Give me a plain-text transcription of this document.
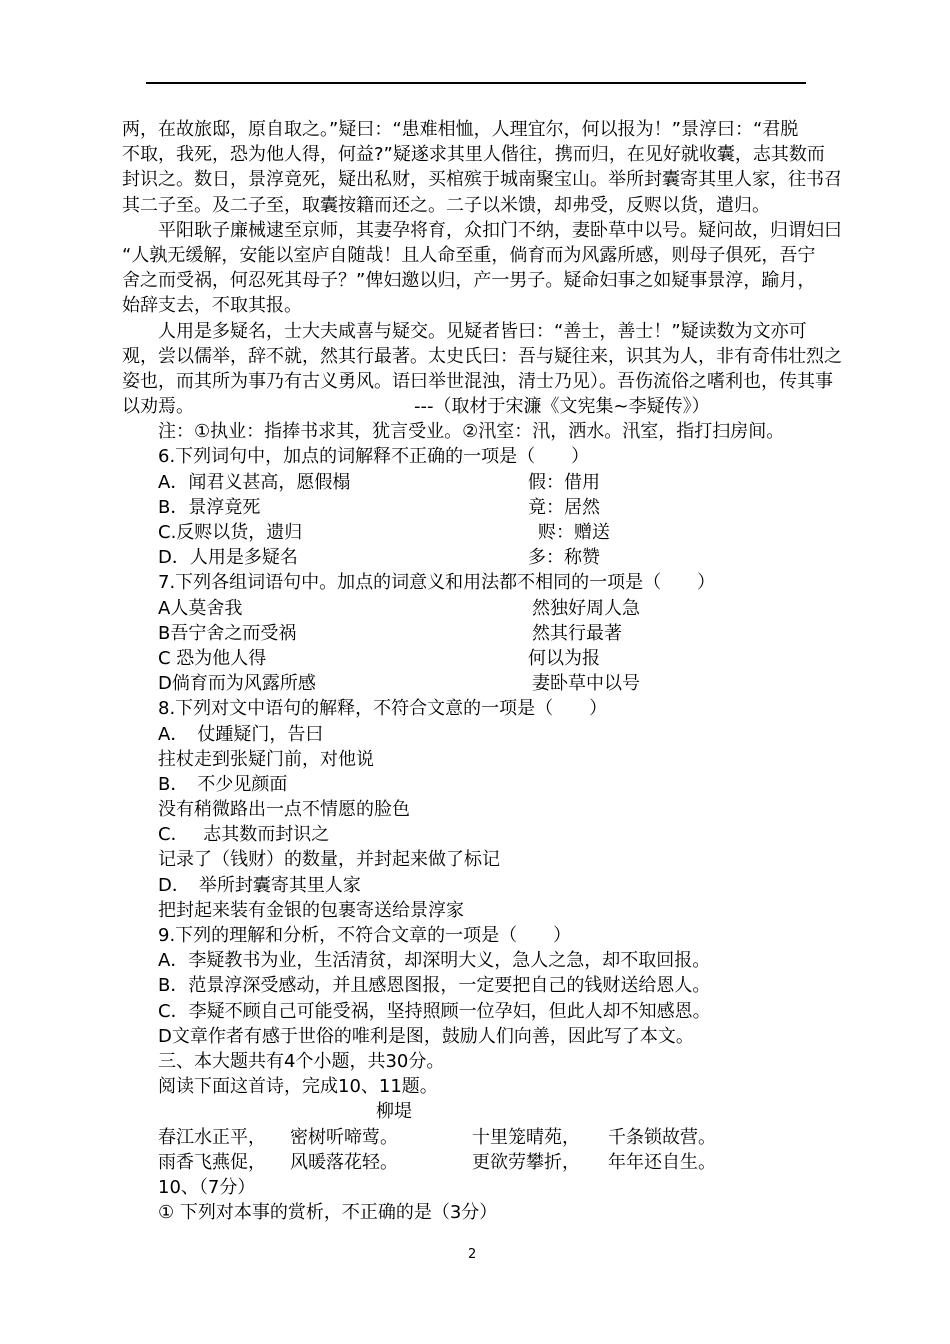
两，在故旅邸，原自取之。”疑曰：“患难相恤，人理宜尔，何以报为！”景淳曰：“君脱
不取，我死，恐为他人得，何益?”疑遂求其里人偕往，携而归，在见好就收囊，志其数而
封识之。数日，景淳竟死，疑出私财，买棺殡于城南聚宝山。举所封囊寄其里人家，往书召
其二子至。及二子至，取囊按籍而还之。二子以米馈，却弗受，反赆以货，遣归。
平阳耿子廉械逮至京师，其妻孕将育，众扣门不纳，妻卧草中以号。疑问故，归谓妇曰
“人孰无缓解，安能以室庐自随哉！且人命至重，倘育而为风露所感，则母子俱死，吾宁
舍之而受祸，何忍死其母子？”俾妇邀以归，产一男子。疑命妇事之如疑事景淳，踰月，
始辞支去，不取其报。
人用是多疑名，士大夫咸喜与疑交。见疑者皆曰：“善士，善士！”疑读数为文亦可
观，尝以儒举，辞不就，然其行最著。太史氏曰：吾与疑往来，识其为人，非有奇伟壮烈之
姿也，而其所为事乃有古义勇风。语曰举世混浊，清士乃见）。吾伤流俗之嗜利也，传其事
以劝焉。	---（取材于宋濂《文宪集~李疑传》）
注：①执业：指捧书求其，犹言受业。②汛室：汛，洒水。汛室，指打扫房间。
6.下列词句中，加点的词解释不正确的一项是（　　）
A．闻君义甚高，愿假榻	假：借用
B．景淳竟死	竟：居然
C.反赆以货，遗归	赆：赠送
D．人用是多疑名	多：称赞
7.下列各组词语句中。加点的词意义和用法都不相同的一项是（　　）
A人莫舍我	然独好周人急
B吾宁舍之而受祸	然其行最著
C 恐为他人得	何以为报
D倘育而为风露所感	妻卧草中以号
8.下列对文中语句的解释，不符合文意的一项是（　　）
A．　仗踵疑门，告曰
拄杖走到张疑门前，对他说
B．　不少见颜面
没有稍微路出一点不情愿的脸色
C．　 志其数而封识之
记录了（钱财）的数量，并封起来做了标记
D．　举所封囊寄其里人家
把封起来装有金银的包裹寄送给景淳家
9.下列的理解和分析，不符合文章的一项是（　　）
A．李疑教书为业，生活清贫，却深明大义，急人之急，却不取回报。
B．范景淳深受感动，并且感恩图报，一定要把自己的钱财送给恩人。
C．李疑不顾自己可能受祸，坚持照顾一位孕妇，但此人却不知感恩。
D文章作者有感于世俗的唯利是图，鼓励人们向善，因此写了本文。
三、本大题共有4个小题，共30分。
阅读下面这首诗，完成10、11题。
柳堤
春江水正平， 密树听啼莺。	十里笼晴苑， 千条锁故营。
雨香飞燕促， 风暖落花轻。	更欲劳攀折， 年年还自生。
10、（7分）
① 下列对本事的赏析，不正确的是（3分）
2
